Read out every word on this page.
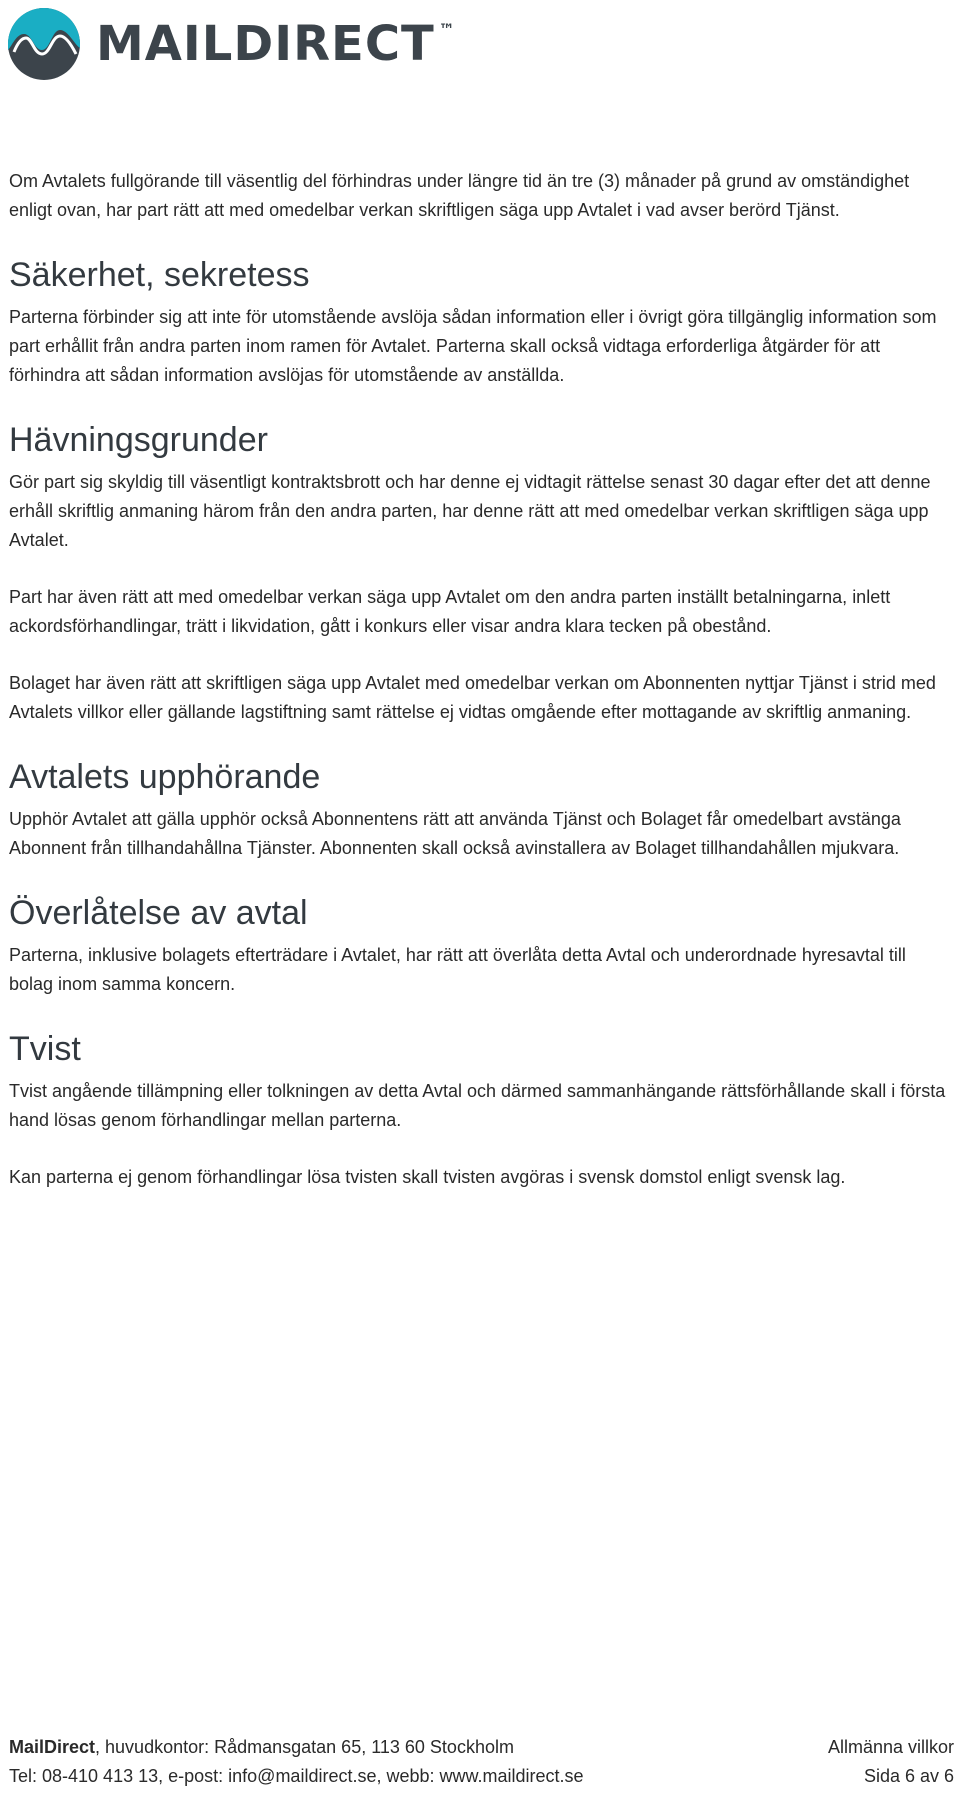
MAILDIRECT ™

Om Avtalets fullgörande till väsentlig del förhindras under längre tid än tre (3) månader på grund av omständighet enligt ovan, har part rätt att med omedelbar verkan skriftligen säga upp Avtalet i vad avser berörd Tjänst.

Säkerhet, sekretess

Parterna förbinder sig att inte för utomstående avslöja sådan information eller i övrigt göra tillgänglig information som part erhållit från andra parten inom ramen för Avtalet. Parterna skall också vidtaga erforderliga åtgärder för att förhindra att sådan information avslöjas för utomstående av anställda.

Hävningsgrunder

Gör part sig skyldig till väsentligt kontraktsbrott och har denne ej vidtagit rättelse senast 30 dagar efter det att denne erhåll skriftlig anmaning härom från den andra parten, har denne rätt att med omedelbar verkan skriftligen säga upp Avtalet.

Part har även rätt att med omedelbar verkan säga upp Avtalet om den andra parten inställt betalningarna, inlett ackordsförhandlingar, trätt i likvidation, gått i konkurs eller visar andra klara tecken på obestånd.

Bolaget har även rätt att skriftligen säga upp Avtalet med omedelbar verkan om Abonnenten nyttjar Tjänst i strid med Avtalets villkor eller gällande lagstiftning samt rättelse ej vidtas omgående efter mottagande av skriftlig anmaning.

Avtalets upphörande

Upphör Avtalet att gälla upphör också Abonnentens rätt att använda Tjänst och Bolaget får omedelbart avstänga Abonnent från tillhandahållna Tjänster. Abonnenten skall också avinstallera av Bolaget tillhandahållen mjukvara.

Överlåtelse av avtal

Parterna, inklusive bolagets efterträdare i Avtalet, har rätt att överlåta detta Avtal och underordnade hyresavtal till bolag inom samma koncern.

Tvist

Tvist angående tillämpning eller tolkningen av detta Avtal och därmed sammanhängande rättsförhållande skall i första hand lösas genom förhandlingar mellan parterna.

Kan parterna ej genom förhandlingar lösa tvisten skall tvisten avgöras i svensk domstol enligt svensk lag.

MailDirect, huvudkontor: Rådmansgatan 65, 113 60 Stockholm	Allmänna villkor
Tel: 08-410 413 13, e-post: info@maildirect.se, webb: www.maildirect.se	Sida 6 av 6
